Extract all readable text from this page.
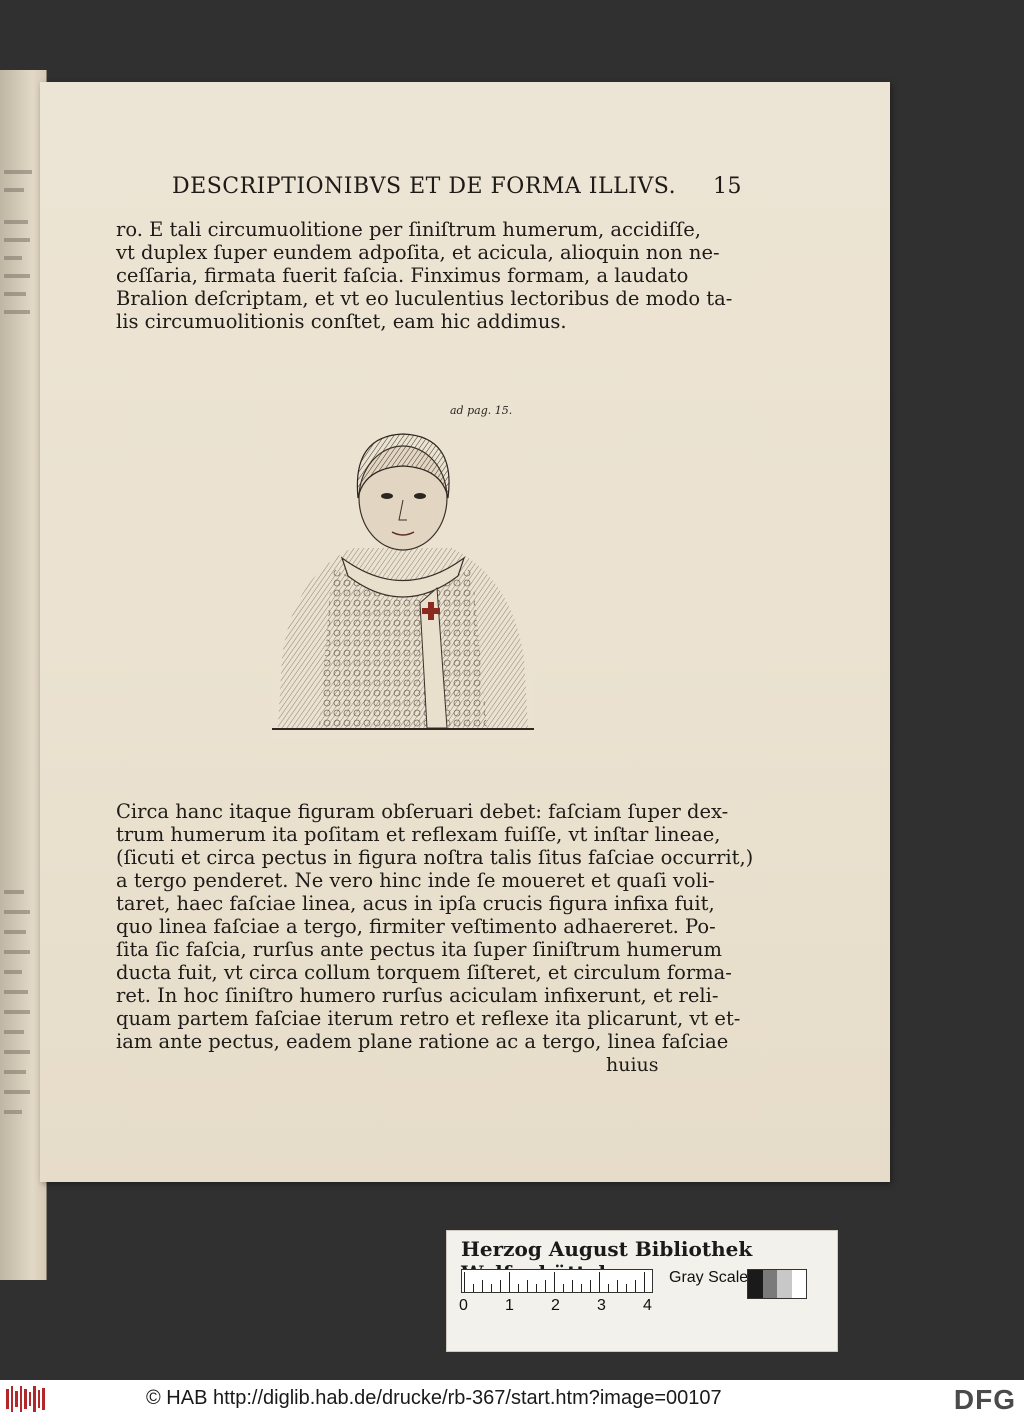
DESCRIPTIONIBVS ET DE FORMA ILLIVS. 15
ro. E tali circumuolitione per ſiniſtrum humerum, accidiſſe,
vt duplex ſuper eundem adpoſita, et acicula, alioquin non ne-
ceſſaria, firmata fuerit faſcia. Finximus formam, a laudato
Bralion deſcriptam, et vt eo luculentius lectoribus de modo ta-
lis circumuolitionis conſtet, eam hic addimus.
ad pag. 15.
Circa hanc itaque figuram obſeruari debet: faſciam ſuper dex-
trum humerum ita poſitam et reflexam fuiſſe, vt inſtar lineae,
(ſicuti et circa pectus in figura noſtra talis ſitus faſciae occurrit,)
a tergo penderet. Ne vero hinc inde ſe moueret et quaſi voli-
taret, haec faſciae linea, acus in ipſa crucis figura infixa fuit,
quo linea faſciae a tergo, firmiter veſtimento adhaereret. Po-
ſita ſic faſcia, rurſus ante pectus ita ſuper ſiniſtrum humerum
ducta fuit, vt circa collum torquem ſiſteret, et circulum forma-
ret. In hoc ſiniſtro humero rurſus aciculam infixerunt, et reli-
quam partem faſciae iterum retro et reflexe ita plicarunt, vt et-
iam ante pectus, eadem plane ratione ac a tergo, linea faſciae
huius
Herzog August Bibliothek
0 1 2 3 4
Gray Scale
© HAB http://diglib.hab.de/drucke/rb-367/start.htm?image=00107	DFG
